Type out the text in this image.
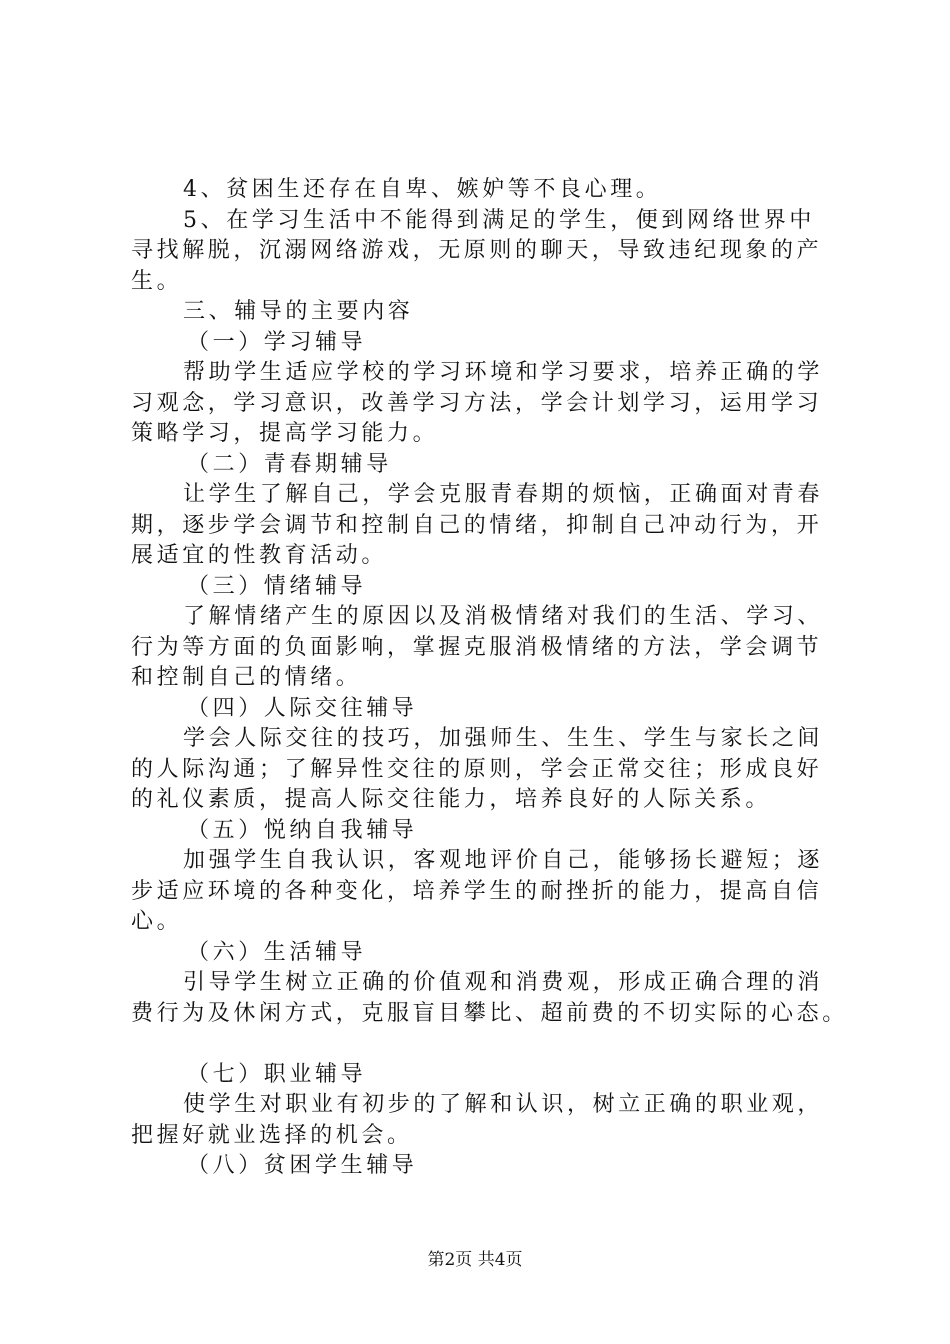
4、贫困生还存在自卑、嫉妒等不良心理。
5、在学习生活中不能得到满足的学生，便到网络世界中
寻找解脱，沉溺网络游戏，无原则的聊天，导致违纪现象的产
生。
三、辅导的主要内容
（一）学习辅导
帮助学生适应学校的学习环境和学习要求，培养正确的学
习观念，学习意识，改善学习方法，学会计划学习，运用学习
策略学习，提高学习能力。
（二）青春期辅导
让学生了解自己，学会克服青春期的烦恼，正确面对青春
期，逐步学会调节和控制自己的情绪，抑制自己冲动行为，开
展适宜的性教育活动。
（三）情绪辅导
了解情绪产生的原因以及消极情绪对我们的生活、学习、
行为等方面的负面影响，掌握克服消极情绪的方法，学会调节
和控制自己的情绪。
（四）人际交往辅导
学会人际交往的技巧，加强师生、生生、学生与家长之间
的人际沟通；了解异性交往的原则，学会正常交往；形成良好
的礼仪素质，提高人际交往能力，培养良好的人际关系。
（五）悦纳自我辅导
加强学生自我认识，客观地评价自己，能够扬长避短；逐
步适应环境的各种变化，培养学生的耐挫折的能力，提高自信
心。
（六）生活辅导
引导学生树立正确的价值观和消费观，形成正确合理的消
费行为及休闲方式，克服盲目攀比、超前费的不切实际的心态。
（七）职业辅导
使学生对职业有初步的了解和认识，树立正确的职业观，
把握好就业选择的机会。
（八）贫困学生辅导
第2页 共4页
